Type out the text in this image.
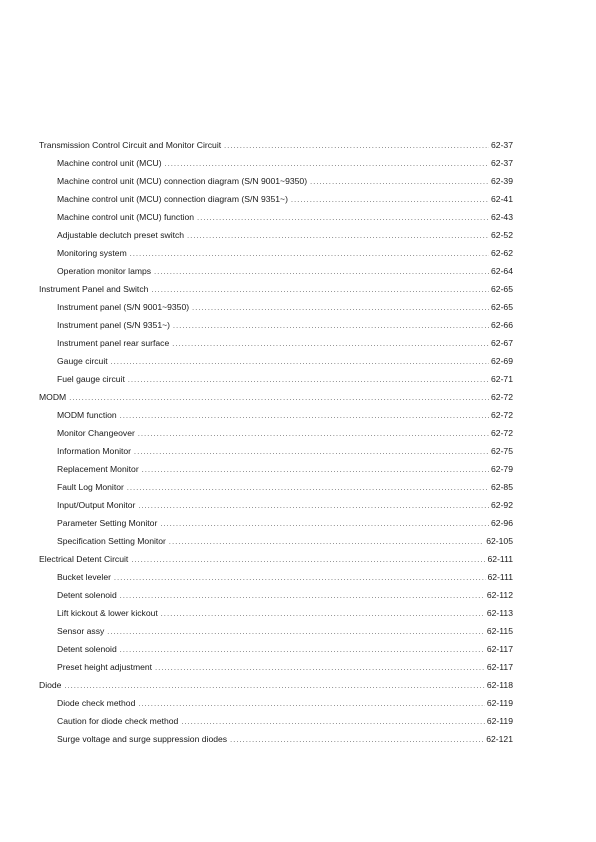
Transmission Control Circuit and Monitor Circuit .....	62-37
Machine control unit (MCU) .....	62-37
Machine control unit (MCU) connection diagram (S/N 9001~9350) .....	62-39
Machine control unit (MCU) connection diagram (S/N 9351~) .....	62-41
Machine control unit (MCU) function .....	62-43
Adjustable declutch preset switch .....	62-52
Monitoring system .....	62-62
Operation monitor lamps .....	62-64
Instrument Panel and Switch .....	62-65
Instrument panel (S/N 9001~9350) .....	62-65
Instrument panel (S/N 9351~) .....	62-66
Instrument panel rear surface .....	62-67
Gauge circuit .....	62-69
Fuel gauge circuit .....	62-71
MODM .....	62-72
MODM function .....	62-72
Monitor Changeover .....	62-72
Information Monitor .....	62-75
Replacement Monitor .....	62-79
Fault Log Monitor .....	62-85
Input/Output Monitor .....	62-92
Parameter Setting Monitor .....	62-96
Specification Setting Monitor .....	62-105
Electrical Detent Circuit .....	62-111
Bucket leveler .....	62-111
Detent solenoid .....	62-112
Lift kickout & lower kickout .....	62-113
Sensor assy .....	62-115
Detent solenoid .....	62-117
Preset height adjustment .....	62-117
Diode .....	62-118
Diode check method .....	62-119
Caution for diode check method .....	62-119
Surge voltage and surge suppression diodes .....	62-121
